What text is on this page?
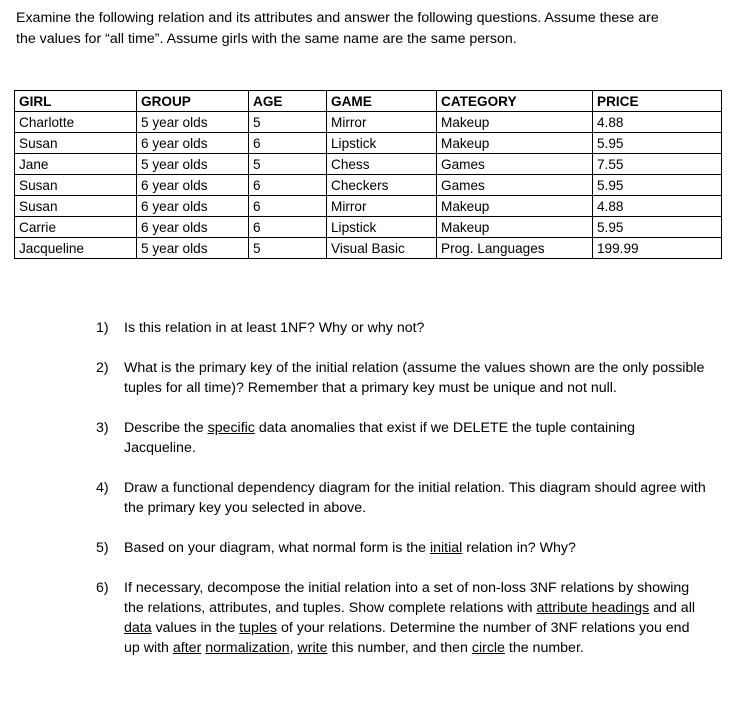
Examine the following relation and its attributes and answer the following questions. Assume these are
the values for “all time”. Assume girls with the same name are the same person.
GIRL	GROUP	AGE	GAME	CATEGORY	PRICE
Charlotte	5 year olds	5	Mirror	Makeup	4.88
Susan	6 year olds	6	Lipstick	Makeup	5.95
Jane	5 year olds	5	Chess	Games	7.55
Susan	6 year olds	6	Checkers	Games	5.95
Susan	6 year olds	6	Mirror	Makeup	4.88
Carrie	6 year olds	6	Lipstick	Makeup	5.95
Jacqueline	5 year olds	5	Visual Basic	Prog. Languages	199.99
1)	Is this relation in at least 1NF? Why or why not?
2)	What is the primary key of the initial relation (assume the values shown are the only possible tuples for all time)? Remember that a primary key must be unique and not null.
3)	Describe the specific data anomalies that exist if we DELETE the tuple containing Jacqueline.
4)	Draw a functional dependency diagram for the initial relation. This diagram should agree with the primary key you selected in above.
5)	Based on your diagram, what normal form is the initial relation in? Why?
6)	If necessary, decompose the initial relation into a set of non-loss 3NF relations by showing the relations, attributes, and tuples. Show complete relations with attribute headings and all data values in the tuples of your relations. Determine the number of 3NF relations you end up with after normalization, write this number, and then circle the number.
